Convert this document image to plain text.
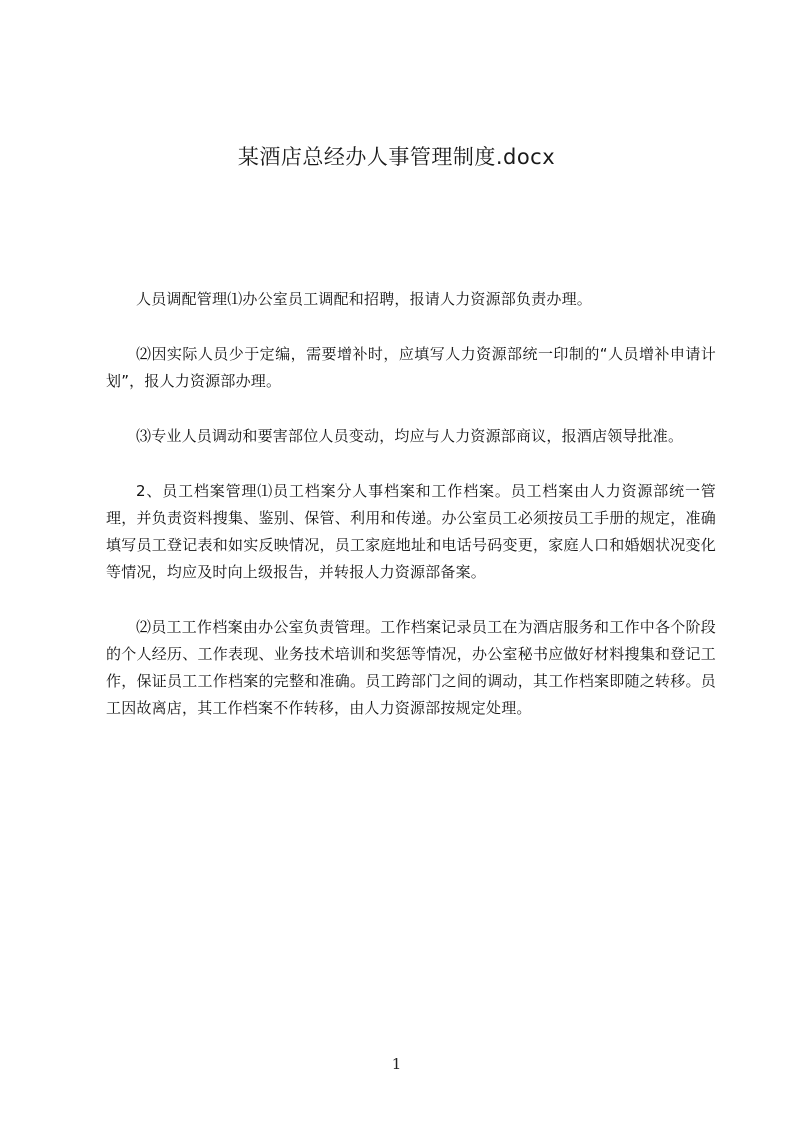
某酒店总经办人事管理制度.docx

人员调配管理⑴办公室员工调配和招聘，报请人力资源部负责办理。

⑵因实际人员少于定编，需要增补时，应填写人力资源部统一印制的“人员增补申请计划”，报人力资源部办理。

⑶专业人员调动和要害部位人员变动，均应与人力资源部商议，报酒店领导批准。

2、员工档案管理⑴员工档案分人事档案和工作档案。员工档案由人力资源部统一管理，并负责资料搜集、鉴别、保管、利用和传递。办公室员工必须按员工手册的规定，准确填写员工登记表和如实反映情况，员工家庭地址和电话号码变更，家庭人口和婚姻状况变化等情况，均应及时向上级报告，并转报人力资源部备案。

⑵员工工作档案由办公室负责管理。工作档案记录员工在为酒店服务和工作中各个阶段的个人经历、工作表现、业务技术培训和奖惩等情况，办公室秘书应做好材料搜集和登记工作，保证员工工作档案的完整和准确。员工跨部门之间的调动，其工作档案即随之转移。员工因故离店，其工作档案不作转移，由人力资源部按规定处理。

1
